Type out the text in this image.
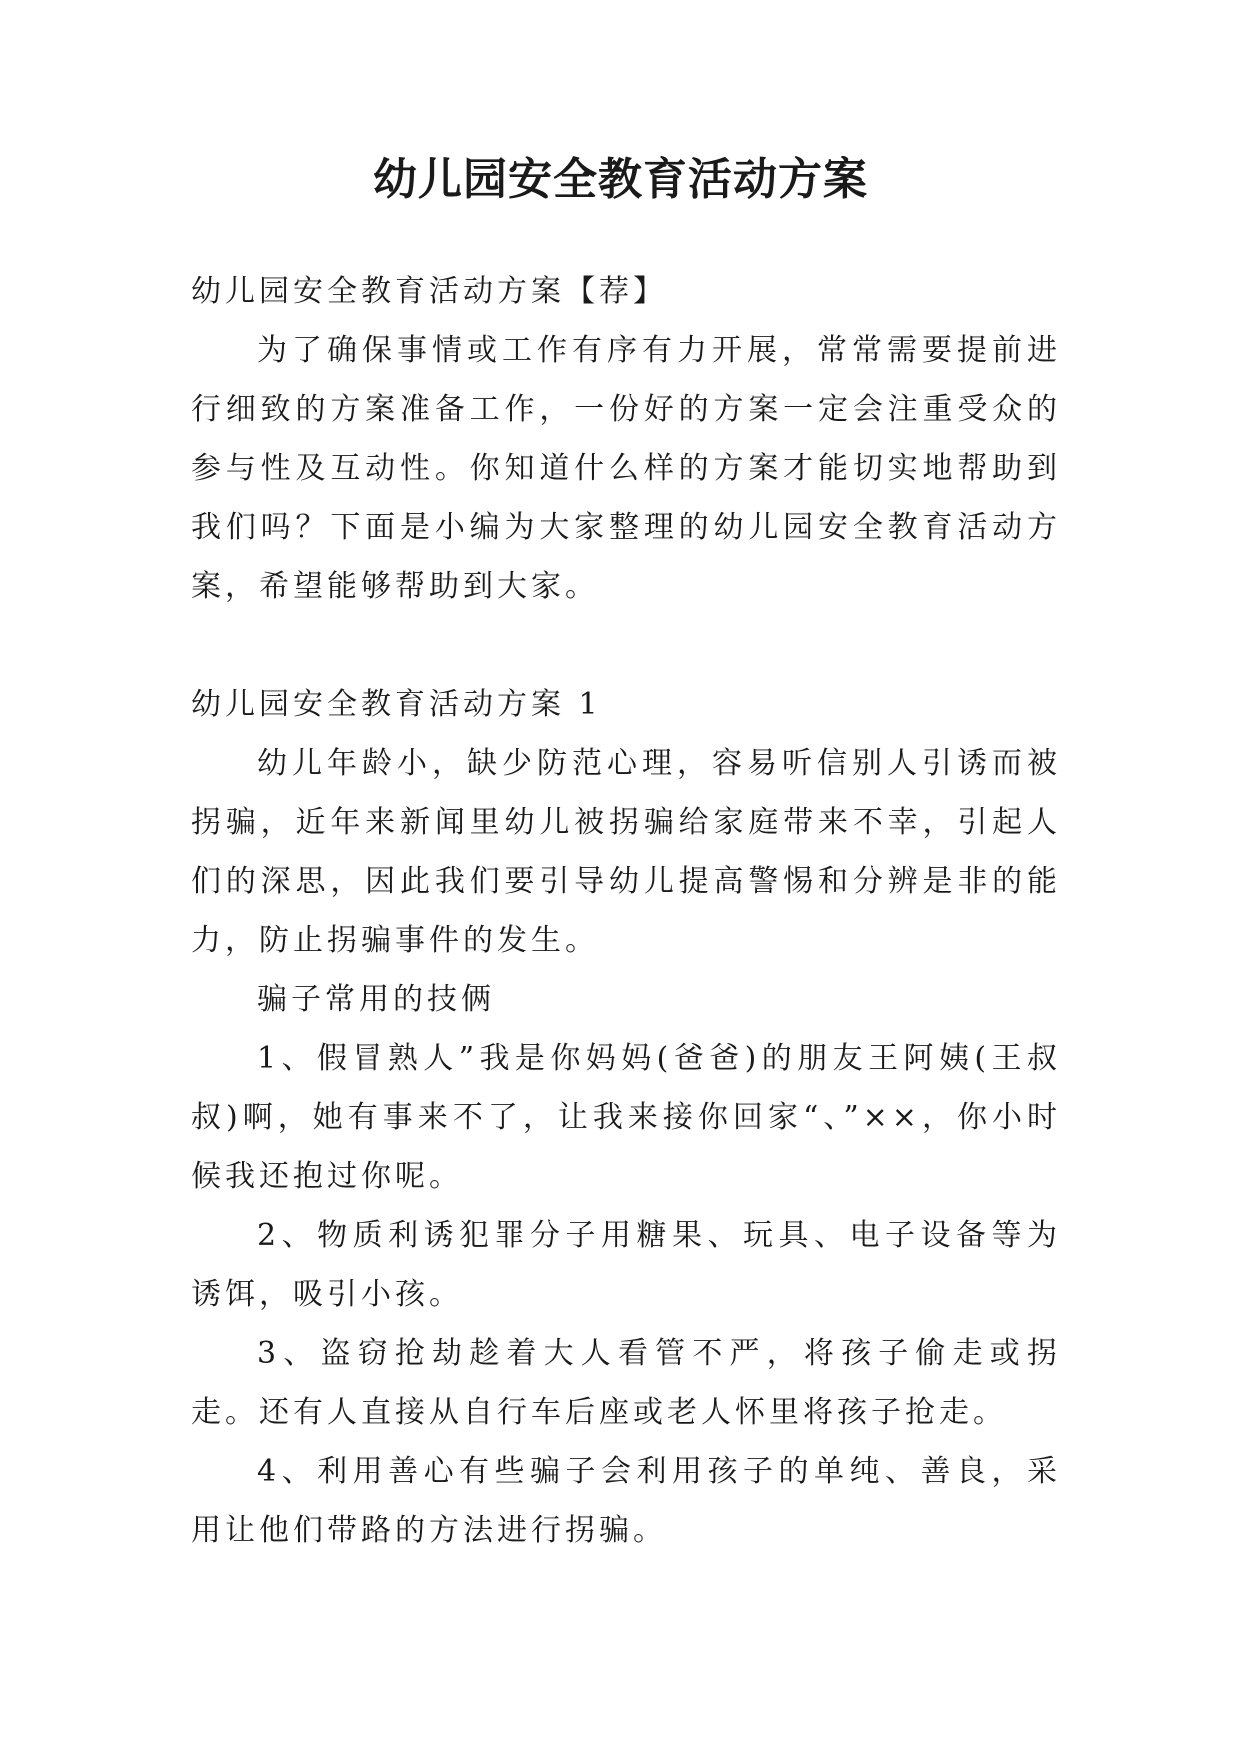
幼儿园安全教育活动方案

幼儿园安全教育活动方案【荐】

为了确保事情或工作有序有力开展，常常需要提前进行细致的方案准备工作，一份好的方案一定会注重受众的参与性及互动性。你知道什么样的方案才能切实地帮助到我们吗？下面是小编为大家整理的幼儿园安全教育活动方案，希望能够帮助到大家。

幼儿园安全教育活动方案 1

幼儿年龄小，缺少防范心理，容易听信别人引诱而被拐骗，近年来新闻里幼儿被拐骗给家庭带来不幸，引起人们的深思，因此我们要引导幼儿提高警惕和分辨是非的能力，防止拐骗事件的发生。

骗子常用的技俩

1、假冒熟人”我是你妈妈(爸爸)的朋友王阿姨(王叔叔)啊，她有事来不了，让我来接你回家“、”××，你小时候我还抱过你呢。

2、物质利诱犯罪分子用糖果、玩具、电子设备等为诱饵，吸引小孩。

3、盗窃抢劫趁着大人看管不严，将孩子偷走或拐走。还有人直接从自行车后座或老人怀里将孩子抢走。

4、利用善心有些骗子会利用孩子的单纯、善良，采用让他们带路的方法进行拐骗。
